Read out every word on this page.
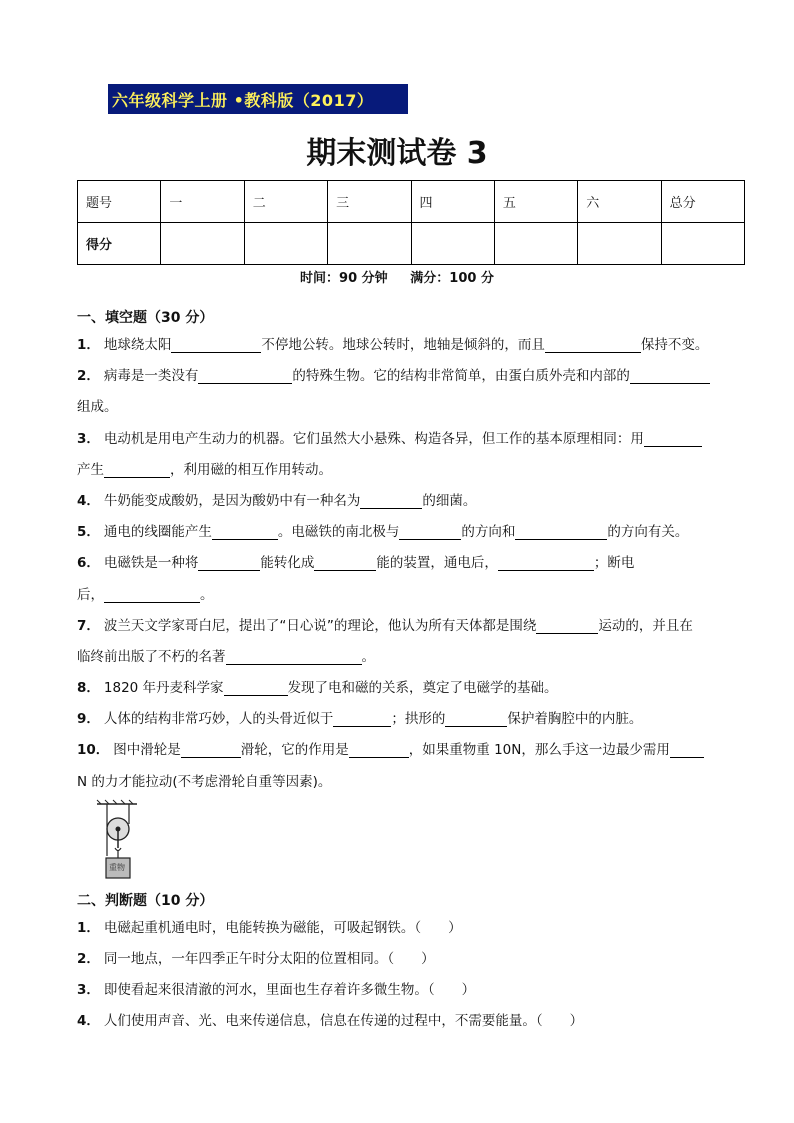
六年级科学上册 •教科版（2017）
期末测试卷 3
题号	一	二	三	四	五	六	总分
得分							
时间：90 分钟     满分：100 分
一、填空题（30 分）
1． 地球绕太阳	不停地公转。地球公转时，地轴是倾斜的，而且	保持不变。
2． 病毒是一类没有	的特殊生物。它的结构非常简单，由蛋白质外壳和内部的
组成。
3． 电动机是用电产生动力的机器。它们虽然大小悬殊、构造各异，但工作的基本原理相同：用
产生	，利用磁的相互作用转动。
4． 牛奶能变成酸奶，是因为酸奶中有一种名为	的细菌。
5． 通电的线圈能产生	。电磁铁的南北极与	的方向和	的方向有关。
6． 电磁铁是一种将	能转化成	能的装置，通电后，	；断电
后，	。
7． 波兰天文学家哥白尼，提出了“日心说”的理论，他认为所有天体都是围绕	运动的，并且在
临终前出版了不朽的名著	。
8． 1820 年丹麦科学家	发现了电和磁的关系，奠定了电磁学的基础。
9． 人体的结构非常巧妙，人的头骨近似于	；拱形的	保护着胸腔中的内脏。
10． 图中滑轮是	滑轮，它的作用是	，如果重物重 10N，那么手这一边最少需用
N 的力才能拉动(不考虑滑轮自重等因素)。
重物
二、判断题（10 分）
1． 电磁起重机通电时，电能转换为磁能，可吸起钢铁。（　　）
2． 同一地点，一年四季正午时分太阳的位置相同。（　　）
3． 即使看起来很清澈的河水，里面也生存着许多微生物。（　　）
4． 人们使用声音、光、电来传递信息，信息在传递的过程中，不需要能量。（　　）
